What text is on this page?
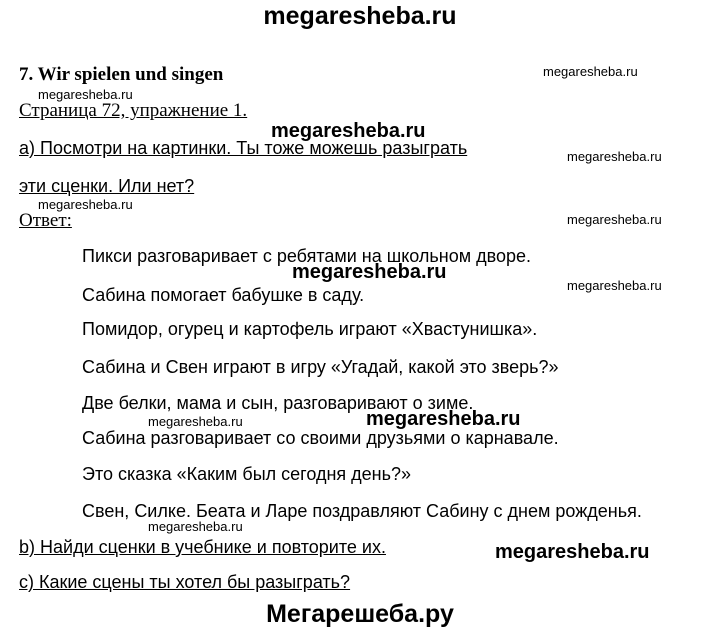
megaresheba.ru
7. Wir spielen und singen
Страница 72, упражнение 1.
а) Посмотри на картинки. Ты тоже можешь разыграть
эти сценки. Или нет?
Ответ:
Пикси разговаривает с ребятами на школьном дворе.
Сабина помогает бабушке в саду.
Помидор, огурец и картофель играют «Хвастунишка».
Сабина и Свен играют в игру «Угадай, какой это зверь?»
Две белки, мама и сын, разговаривают о зиме.
Сабина разговаривает со своими друзьями о карнавале.
Это сказка «Каким был сегодня день?»
Свен, Силке. Беата и Ларе поздравляют Сабину с днем рожденья.
b) Найди сценки в учебнике и повторите их.
с) Какие сцены ты хотел бы разыграть?
Мегарешеба.ру
megaresheba.ru
megaresheba.ru
megaresheba.ru
megaresheba.ru
megaresheba.ru
megaresheba.ru
megaresheba.ru
megaresheba.ru
megaresheba.ru
megaresheba.ru
megaresheba.ru
megaresheba.ru
